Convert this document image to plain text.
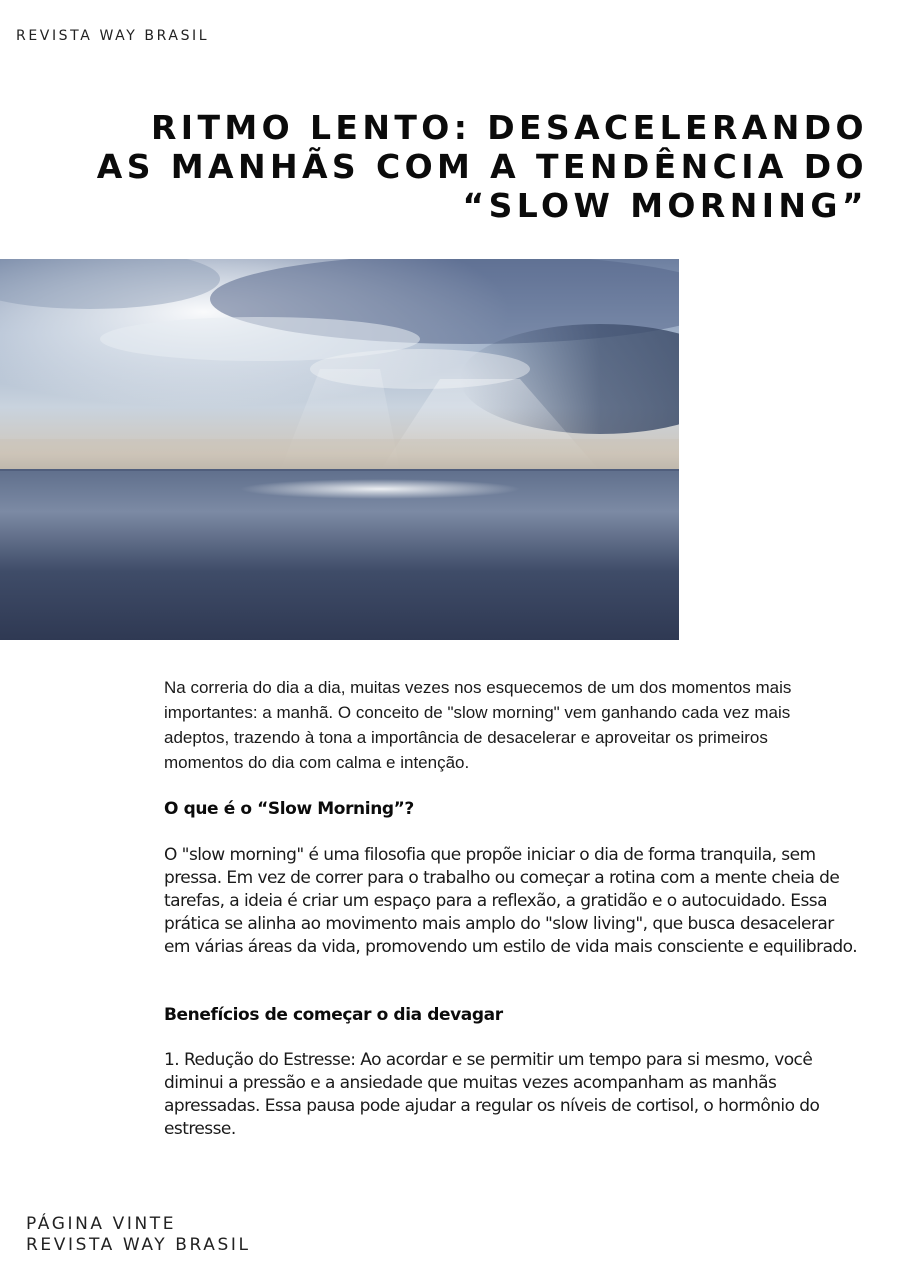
REVISTA WAY BRASIL
RITMO LENTO: DESACELERANDO
AS MANHÃS COM A TENDÊNCIA DO
“SLOW MORNING”

Na correria do dia a dia, muitas vezes nos esquecemos de um dos momentos mais importantes: a manhã. O conceito de "slow morning" vem ganhando cada vez mais adeptos, trazendo à tona a importância de desacelerar e aproveitar os primeiros momentos do dia com calma e intenção.

O que é o “Slow Morning”?

O "slow morning" é uma filosofia que propõe iniciar o dia de forma tranquila, sem pressa. Em vez de correr para o trabalho ou começar a rotina com a mente cheia de tarefas, a ideia é criar um espaço para a reflexão, a gratidão e o autocuidado. Essa prática se alinha ao movimento mais amplo do "slow living", que busca desacelerar em várias áreas da vida, promovendo um estilo de vida mais consciente e equilibrado.

Benefícios de começar o dia devagar

1. Redução do Estresse: Ao acordar e se permitir um tempo para si mesmo, você diminui a pressão e a ansiedade que muitas vezes acompanham as manhãs apressadas. Essa pausa pode ajudar a regular os níveis de cortisol, o hormônio do estresse.

PÁGINA VINTE
REVISTA WAY BRASIL
